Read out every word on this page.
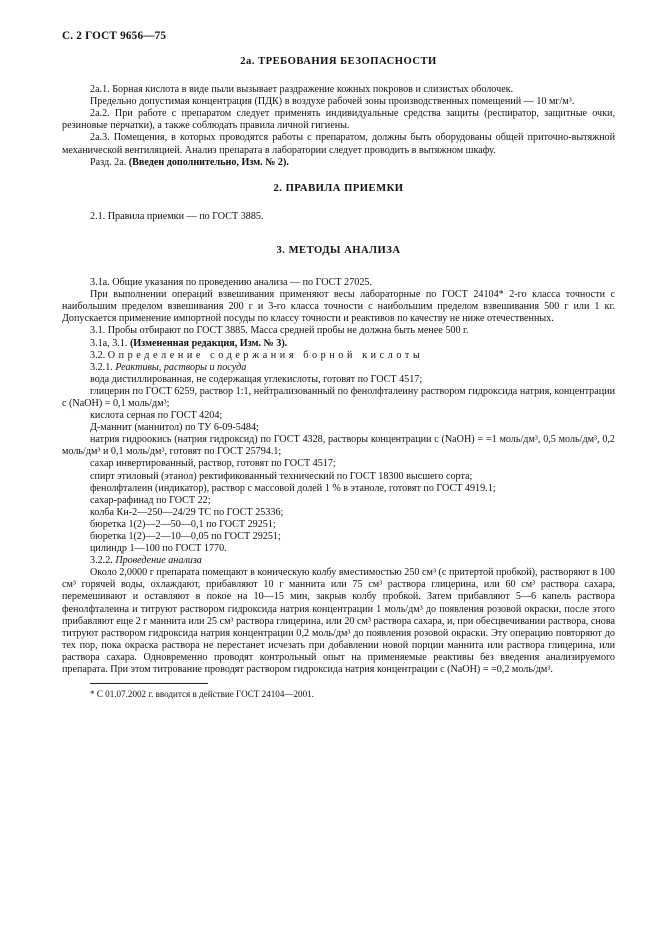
С. 2 ГОСТ 9656—75
2а. ТРЕБОВАНИЯ БЕЗОПАСНОСТИ

2а.1. Борная кислота в виде пыли вызывает раздражение кожных покровов и слизистых оболочек.

Предельно допустимая концентрация (ПДК) в воздухе рабочей зоны производственных помещений — 10 мг/м³.

2а.2. При работе с препаратом следует применять индивидуальные средства защиты (респиратор, защитные очки, резиновые перчатки), а также соблюдать правила личной гигиены.

2а.3. Помещения, в которых проводятся работы с препаратом, должны быть оборудованы общей приточно-вытяжной механической вентиляцией. Анализ препарата в лаборатории следует проводить в вытяжном шкафу.

Разд. 2а. (Введен дополнительно, Изм. № 2).

2. ПРАВИЛА ПРИЕМКИ

2.1. Правила приемки — по ГОСТ 3885.

3. МЕТОДЫ АНАЛИЗА

3.1а. Общие указания по проведению анализа — по ГОСТ 27025.

При выполнении операций взвешивания применяют весы лабораторные по ГОСТ 24104* 2-го класса точности с наибольшим пределом взвешивания 200 г и 3-го класса точности с наибольшим пределом взвешивания 500 г или 1 кг. Допускается применение импортной посуды по классу точности и реактивов по качеству не ниже отечественных.

3.1. Пробы отбирают по ГОСТ 3885. Масса средней пробы не должна быть менее 500 г.

3.1а, 3.1. (Измененная редакция, Изм. № 3).

3.2. Определение содержания борной кислоты

3.2.1. Реактивы, растворы и посуда

вода дистиллированная, не содержащая углекислоты, готовят по ГОСТ 4517;

глицерин по ГОСТ 6259, раствор 1:1, нейтрализованный по фенолфталеину раствором гидроксида натрия, концентрации c (NaOH) = 0,1 моль/дм³;

кислота серная по ГОСТ 4204;

Д-маннит (маннитол) по ТУ 6-09-5484;

натрия гидроокись (натрия гидроксид) по ГОСТ 4328, растворы концентрации c (NaOH) = =1 моль/дм³, 0,5 моль/дм³, 0,2 моль/дм³ и 0,1 моль/дм³, готовят по ГОСТ 25794.1;

сахар инвертированный, раствор, готовят по ГОСТ 4517;

спирт этиловый (этанол) ректификованный технический по ГОСТ 18300 высшего сорта;

фенолфталеин (индикатор), раствор с массовой долей 1 % в этаноле, готовят по ГОСТ 4919.1;

сахар-рафинад по ГОСТ 22;

колба Кн-2—250—24/29 ТС по ГОСТ 25336;

бюретка 1(2)—2—50—0,1 по ГОСТ 29251;

бюретка 1(2)—2—10—0,05 по ГОСТ 29251;

цилиндр 1—100 по ГОСТ 1770.

3.2.2. Проведение анализа

Около 2,0000 г препарата помещают в коническую колбу вместимостью 250 см³ (с притертой пробкой), растворяют в 100 см³ горячей воды, охлаждают, прибавляют 10 г маннита или 75 см³ раствора глицерина, или 60 см³ раствора сахара, перемешивают и оставляют в покое на 10—15 мин, закрыв колбу пробкой. Затем прибавляют 5—6 капель раствора фенолфталеина и титруют раствором гидроксида натрия концентрации 1 моль/дм³ до появления розовой окраски, после этого прибавляют еще 2 г маннита или 25 см³ раствора глицерина, или 20 см³ раствора сахара, и, при обесцвечивании раствора, снова титруют раствором гидроксида натрия концентрации 0,2 моль/дм³ до появления розовой окраски. Эту операцию повторяют до тех пор, пока окраска раствора не перестанет исчезать при добавлении новой порции маннита или раствора глицерина, или раствора сахара. Одновременно проводят контрольный опыт на применяемые реактивы без введения анализируемого препарата. При этом титрование проводят раствором гидроксида натрия концентрации c (NaOH) = =0,2 моль/дм³.

* С 01.07.2002 г. вводится в действие ГОСТ 24104—2001.
